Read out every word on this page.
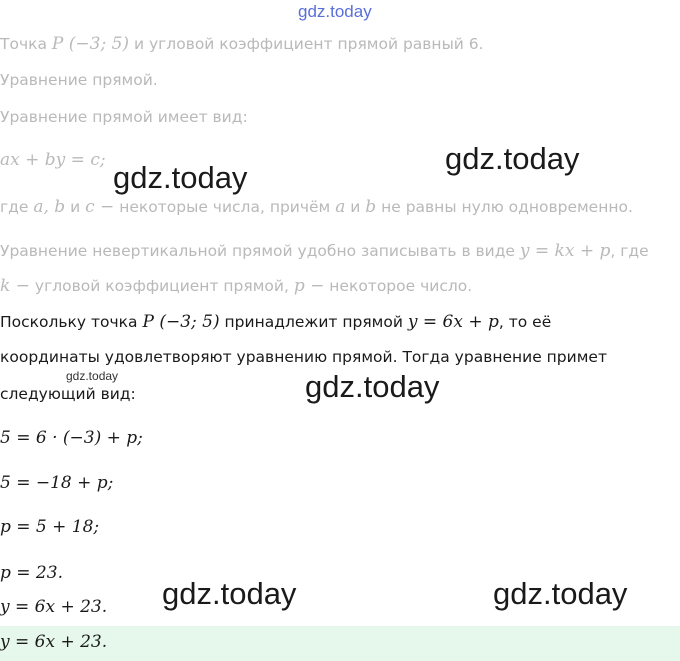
gdz.today
gdz.today
gdz.today
gdz.today	gdz.today
gdz.today	gdz.today
Точка P (−3; 5) и угловой коэффициент прямой равный 6.
Уравнение прямой.
Уравнение прямой имеет вид:
ax + by = c;
где a, b и c − некоторые числа, причём a и b не равны нулю одновременно.
Уравнение невертикальной прямой удобно записывать в виде y = kx + p, где
k − угловой коэффициент прямой, p − некоторое число.
Поскольку точка P (−3; 5) принадлежит прямой y = 6x + p, то её
координаты удовлетворяют уравнению прямой. Тогда уравнение примет
следующий вид:
5 = 6 · (−3) + p;
5 = −18 + p;
p = 5 + 18;
p = 23.
y = 6x + 23.
y = 6x + 23.
